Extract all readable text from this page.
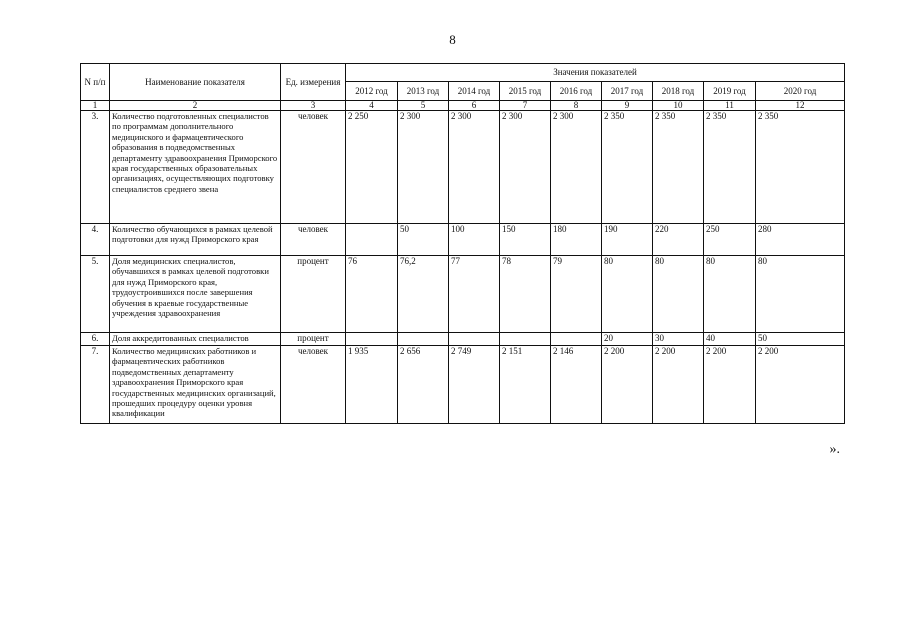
8
N п/п	Наименование показателя	Ед. измерения	Значения показателей								
			2012 год	2013 год	2014 год	2015 год	2016 год	2017 год	2018 год	2019 год	2020 год
1	2	3	4	5	6	7	8	9	10	11	12
3.	Количество подготовленных специалистов по программам дополнительного медицинского и фармацевтического образования в подведомственных департаменту здравоохранения Приморского края государственных образовательных организациях, осуществляющих подготовку специалистов среднего звена	человек	2 250	2 300	2 300	2 300	2 300	2 350	2 350	2 350	2 350
4.	Количество обучающихся в рамках целевой подготовки для нужд Приморского края	человек		50	100	150	180	190	220	250	280
5.	Доля медицинских специалистов, обучавшихся в рамках целевой подготовки для нужд Приморского края, трудоустроившихся после завершения обучения в краевые государственные учреждения здравоохранения	процент	76	76,2	77	78	79	80	80	80	80
6.	Доля аккредитованных специалистов	процент						20	30	40	50
7.	Количество медицинских работников и фармацевтических работников подведомственных департаменту здравоохранения Приморского края государственных медицинских организаций, прошедших процедуру оценки уровня квалификации	человек	1 935	2 656	2 749	2 151	2 146	2 200	2 200	2 200	2 200
».
